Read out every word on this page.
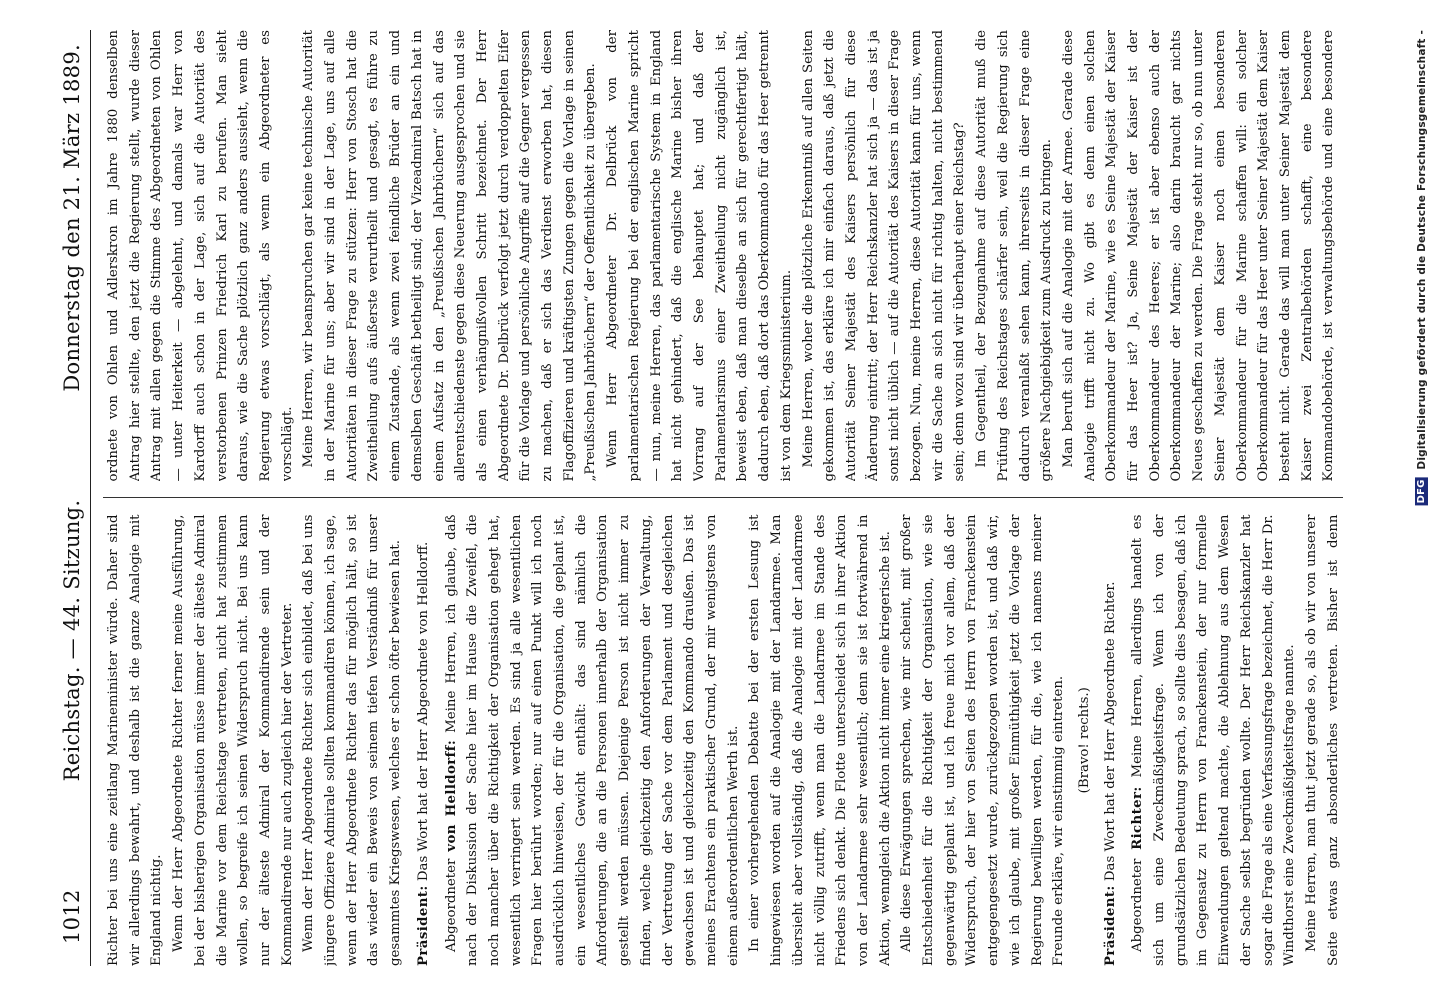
DFG Digitalisierung gefördert durch die Deutsche Forschungsgemeinschaft -
1012
Reichstag. — 44. Sitzung.
Donnerstag den 21. März 1889.

Richter bei uns eine zeitlang Marineminister würde. Daher sind wir allerdings bewahrt, und deshalb ist die ganze Analogie mit England nichtig. Wenn der Herr Abgeordnete Richter ferner meine Ausführung, bei der bisherigen Organisation müsse immer der älteste Admiral die Marine vor dem Reichstage vertreten, nicht hat zustimmen wollen, so begreife ich seinen Widerspruch nicht. Bei uns kann nur der älteste Admiral der Kommandirende sein und der Kommandirende nur auch zugleich hier der Vertreter. Wenn der Herr Abgeordnete Richter sich einbildet, daß bei uns jüngere Offiziere Admirale sollten kommandiren können, ich sage, wenn der Herr Abgeordnete Richter das für möglich hält, so ist das wieder ein Beweis von seinem tiefen Verständniß für unser gesammtes Kriegswesen, welches er schon öfter bewiesen hat. Präsident: Das Wort hat der Herr Abgeordnete von Helldorff.

Abgeordneter von Helldorff: Meine Herren, ich glaube, daß nach der Diskussion der Sache hier im Hause die Zweifel, die noch mancher über die Richtigkeit der Organisation gehegt hat, wesentlich verringert sein werden. Es sind ja alle wesentlichen Fragen hier berührt worden; nur auf einen Punkt will ich noch ausdrücklich hinweisen, der für die Organisation, die geplant ist, ein wesentliches Gewicht enthält: das sind nämlich die Anforderungen, die an die Personen innerhalb der Organisation gestellt werden müssen. Diejenige Person ist nicht immer zu finden, welche gleichzeitig den Anforderungen der Verwaltung, der Vertretung der Sache vor dem Parlament und desgleichen gewachsen ist und gleichzeitig den Kommando draußen. Das ist meines Erachtens ein praktischer Grund, der mir wenigstens von einem außerordentlichen Werth ist. In einer vorhergehenden Debatte bei der ersten Lesung ist hingewiesen worden auf die Analogie mit der Landarmee. Man übersieht aber vollständig, daß die Analogie mit der Landarmee nicht völlig zutrifft, wenn man die Landarmee im Stande des Friedens sich denkt. Die Flotte unterscheidet sich in ihrer Aktion von der Landarmee sehr wesentlich; denn sie ist fortwährend in Aktion, wenngleich die Aktion nicht immer eine kriegerische ist. Alle diese Erwägungen sprechen, wie mir scheint, mit großer Entschiedenheit für die Richtigkeit der Organisation, wie sie gegenwärtig geplant ist, und ich freue mich vor allem, daß der Widerspruch, der hier von Seiten des Herrn von Franckenstein entgegengesetzt wurde, zurückgezogen worden ist, und daß wir, wie ich glaube, mit großer Einmüthigkeit jetzt die Vorlage der Regierung bewilligen werden, für die, wie ich namens meiner Freunde erkläre, wir einstimmig eintreten. (Bravo! rechts.)

Präsident: Das Wort hat der Herr Abgeordnete Richter.

Abgeordneter Richter: Meine Herren, allerdings handelt es sich um eine Zweckmäßigkeitsfrage. Wenn ich von der grundsätzlichen Bedeutung sprach, so sollte dies besagen, daß ich im Gegensatz zu Herrn von Franckenstein, der nur formelle Einwendungen geltend machte, die Ablehnung aus dem Wesen der Sache selbst begründen wollte. Der Herr Reichskanzler hat sogar die Frage als eine Verfassungsfrage bezeichnet, die Herr Dr. Windthorst eine Zweckmäßigkeitsfrage nannte. Meine Herren, man thut jetzt gerade so, als ob wir von unserer Seite etwas ganz absonderliches vertreten. Bisher ist denn

ordnete von Ohlen und Adlerskron im Jahre 1880 denselben Antrag hier stellte, den jetzt die Regierung stellt, wurde dieser Antrag mit allen gegen die Stimme des Abgeordneten von Ohlen — unter Heiterkeit — abgelehnt, und damals war Herr von Kardorff auch schon in der Lage, sich auf die Autorität des verstorbenen Prinzen Friedrich Karl zu berufen. Man sieht daraus, wie die Sache plötzlich ganz anders aussieht, wenn die Regierung etwas vorschlägt, als wenn ein Abgeordneter es vorschlägt. Meine Herren, wir beanspruchen gar keine technische Autorität in der Marine für uns; aber wir sind in der Lage, uns auf alle Autoritäten in dieser Frage zu stützen: Herr von Stosch hat die Zweitheilung aufs äußerste verurtheilt und gesagt, es führe zu einem Zustande, als wenn zwei feindliche Brüder an ein und demselben Geschäft betheiligt sind; der Vizeadmiral Batsch hat in einem Aufsatz in den „Preußischen Jahrbüchern“ sich auf das allerentschiedenste gegen diese Neuerung ausgesprochen und sie als einen verhängnißvollen Schritt bezeichnet. Der Herr Abgeordnete Dr. Delbrück verfolgt jetzt durch verdoppelten Eifer für die Vorlage und persönliche Angriffe auf die Gegner vergessen zu machen, daß er sich das Verdienst erworben hat, diesen Flagoffizieren und kräftigsten Zungen gegen die Vorlage in seinen „Preußischen Jahrbüchern“ der Oeffentlichkeit zu übergeben. Wenn Herr Abgeordneter Dr. Delbrück von der parlamentarischen Regierung bei der englischen Marine spricht — nun, meine Herren, das parlamentarische System in England hat nicht gehindert, daß die englische Marine bisher ihren Vorrang auf der See behauptet hat; und daß der Parlamentarismus einer Zweitheilung nicht zugänglich ist, beweist eben, daß man dieselbe an sich für gerechtfertigt hält, dadurch eben, daß dort das Oberkommando für das Heer getrennt ist von dem Kriegsministerium. Meine Herren, woher die plötzliche Erkenntniß auf allen Seiten gekommen ist, das erkläre ich mir einfach daraus, daß jetzt die Autorität Seiner Majestät des Kaisers persönlich für diese Änderung eintritt; der Herr Reichskanzler hat sich ja — das ist ja sonst nicht üblich — auf die Autorität des Kaisers in dieser Frage bezogen. Nun, meine Herren, diese Autorität kann für uns, wenn wir die Sache an sich nicht für richtig halten, nicht bestimmend sein; denn wozu sind wir überhaupt einer Reichstag? Im Gegentheil, der Bezugnahme auf diese Autorität muß die Prüfung des Reichstages schärfer sein, weil die Regierung sich dadurch veranlaßt sehen kann, ihrerseits in dieser Frage eine größere Nachgiebigkeit zum Ausdruck zu bringen. Man beruft sich auf die Analogie mit der Armee. Gerade diese Analogie trifft nicht zu. Wo gibt es denn einen solchen Oberkommandeur der Marine, wie es Seine Majestät der Kaiser für das Heer ist? Ja, Seine Majestät der Kaiser ist der Oberkommandeur des Heeres; er ist aber ebenso auch der Oberkommandeur der Marine; also darin braucht gar nichts Neues geschaffen zu werden. Die Frage steht nur so, ob nun unter Seiner Majestät dem Kaiser noch einen besonderen Oberkommandeur für die Marine schaffen will: ein solcher Oberkommandeur für das Heer unter Seiner Majestät dem Kaiser besteht nicht. Gerade das will man unter Seiner Majestät dem Kaiser zwei Zentralbehörden schafft, eine besondere Kommandobehörde, ist verwaltungsbehörde und eine besondere
